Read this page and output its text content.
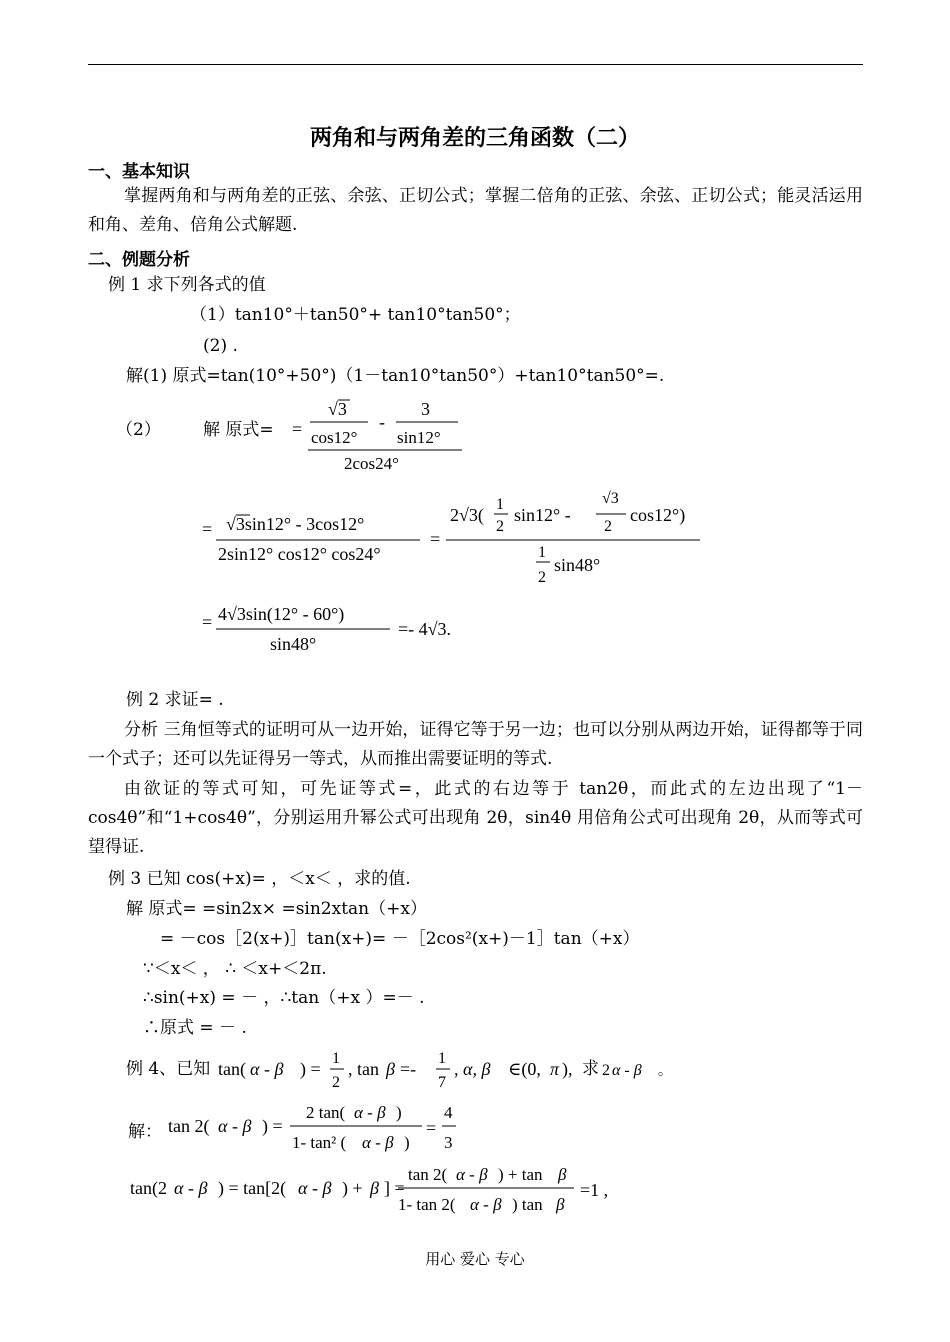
两角和与两角差的三角函数（二）
一、基本知识
掌握两角和与两角差的正弦、余弦、正切公式；掌握二倍角的正弦、余弦、正切公式；能灵活运用和角、差角、倍角公式解题.
二、例题分析
例 1 求下列各式的值
（1）tan10°＋tan50°+ tan10°tan50°；
(2) .
解(1) 原式=tan(10°+50°)（1－tan10°tan50°）+tan10°tan50°=.
（2） 解 原式= =
√3
cos12°
-
3
sin12°
2cos24°
= √3sin12° - 3cos12°
2sin12° cos12° cos24°
=
2√3(
1
2
sin12° -
√3
2
cos12°)
1
2
sin48°
= 4√3sin(12° - 60°)
sin48°
=- 4√3.
例 2 求证= .
分析 三角恒等式的证明可从一边开始，证得它等于另一边；也可以分别从两边开始，证得都等于同一个式子；还可以先证得另一等式，从而推出需要证明的等式.
由欲证的等式可知，可先证等式=，此式的右边等于 tan2θ，而此式的左边出现了“1－cos4θ”和“1+cos4θ”，分别运用升幂公式可出现角 2θ，sin4θ 用倍角公式可出现角 2θ，从而等式可望得证.
例 3 已知 cos(+x)= ，＜x＜ ，求的值.
解 原式= =sin2x× =sin2xtan（+x）
= －cos［2(x+)］tan(x+)= －［2cos²(x+)－1］tan（+x）
∵＜x＜ ， ∴ ＜x+＜2π.
∴sin(+x) = － ，∴tan（+x ）=－ .
∴原式 = － .
例 4、已知 tan( α - β ) =
1
2
, tan β =-
1
7
, α, β ∈(0, π ), 求 2 α - β 。
解： tan 2( α - β ) =
2 tan( α - β )
1- tan² ( α - β )
=
4
3
tan(2 α - β ) = tan[2( α - β ) + β ] =
tan 2( α - β ) + tan β
1- tan 2( α - β ) tan β
=1 ,
用心 爱心 专心
